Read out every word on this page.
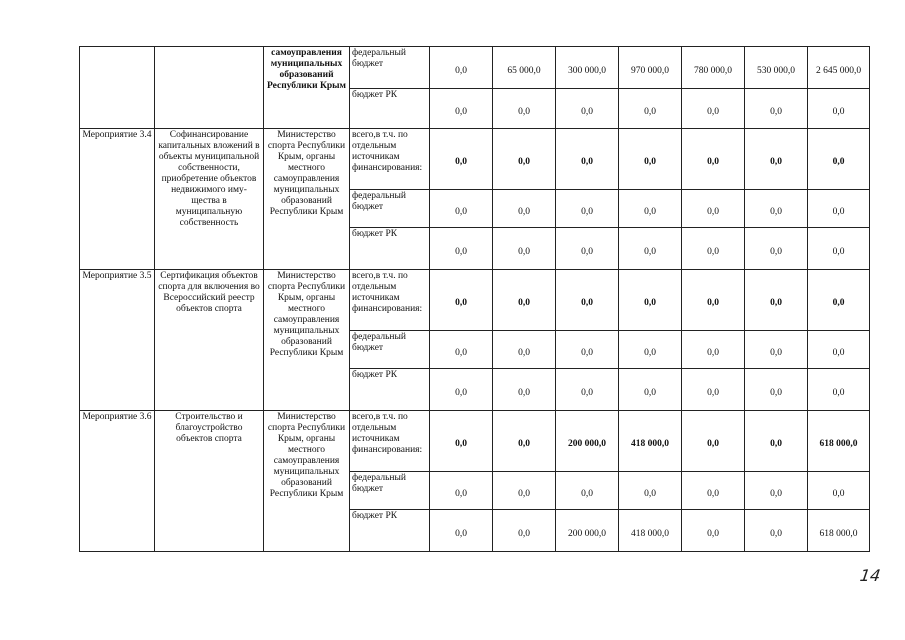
		самоуправления муниципальных образований Республики Крым	федеральный бюджет	0,0	65 000,0	300 000,0	970 000,0	780 000,0	530 000,0	2 645 000,0
			бюджет РК	0,0	0,0	0,0	0,0	0,0	0,0	0,0
Мероприятие 3.4	Софинансирование капитальных вложений в объекты муниципальной собственности, приобретение объектов недвижимого иму-щества в муниципальную собственность	Министерство спорта Республики Крым, органы местного самоуправления муниципальных образований Республики Крым	всего,в т.ч. по отдельным источникам финансирования:	0,0	0,0	0,0	0,0	0,0	0,0	0,0
			федеральный бюджет	0,0	0,0	0,0	0,0	0,0	0,0	0,0
			бюджет РК	0,0	0,0	0,0	0,0	0,0	0,0	0,0
Мероприятие 3.5	Сертификация объектов спорта для включения во Всероссийский реестр объектов спорта	Министерство спорта Республики Крым, органы местного самоуправления муниципальных образований Республики Крым	всего,в т.ч. по отдельным источникам финансирования:	0,0	0,0	0,0	0,0	0,0	0,0	0,0
			федеральный бюджет	0,0	0,0	0,0	0,0	0,0	0,0	0,0
			бюджет РК	0,0	0,0	0,0	0,0	0,0	0,0	0,0
Мероприятие 3.6	Строительство и благоустройство объектов спорта	Министерство спорта Республики Крым, органы местного самоуправления муниципальных образований Республики Крым	всего,в т.ч. по отдельным источникам финансирования:	0,0	0,0	200 000,0	418 000,0	0,0	0,0	618 000,0
			федеральный бюджет	0,0	0,0	0,0	0,0	0,0	0,0	0,0
			бюджет РК	0,0	0,0	200 000,0	418 000,0	0,0	0,0	618 000,0
14
